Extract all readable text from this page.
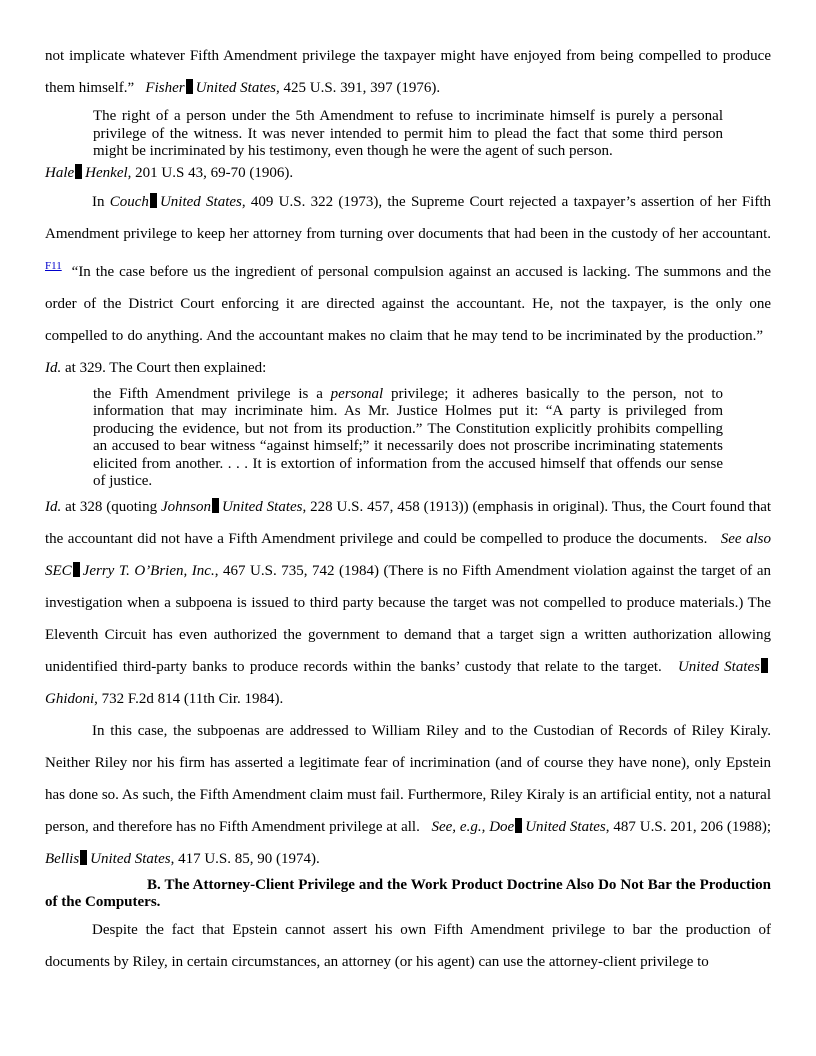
not implicate whatever Fifth Amendment privilege the taxpayer might have enjoyed from being compelled to produce them himself.” Fisher United States, 425 U.S. 391, 397 (1976).

The right of a person under the 5th Amendment to refuse to incriminate himself is purely a personal privilege of the witness. It was never intended to permit him to plead the fact that some third person might be incriminated by his testimony, even though he were the agent of such person.

Hale Henkel, 201 U.S 43, 69-70 (1906).

In Couch United States, 409 U.S. 322 (1973), the Supreme Court rejected a taxpayer’s assertion of her Fifth Amendment privilege to keep her attorney from turning over documents that had been in the custody of her accountant. $^{F11}$ “In the case before us the ingredient of personal compulsion against an accused is lacking. The summons and the order of the District Court enforcing it are directed against the accountant. He, not the taxpayer, is the only one compelled to do anything. And the accountant makes no claim that he may tend to be incriminated by the production.”   Id. at 329. The Court then explained:

the Fifth Amendment privilege is a personal privilege; it adheres basically to the person, not to information that may incriminate him. As Mr. Justice Holmes put it: “A party is privileged from producing the evidence, but not from its production.” The Constitution explicitly prohibits compelling an accused to bear witness “against himself;” it necessarily does not proscribe incriminating statements elicited from another. . . . It is extortion of information from the accused himself that offends our sense of justice.

Id. at 328 (quoting Johnson United States, 228 U.S. 457, 458 (1913)) (emphasis in original). Thus, the Court found that the accountant did not have a Fifth Amendment privilege and could be compelled to produce the documents. See also SEC Jerry T. O’Brien, Inc., 467 U.S. 735, 742 (1984) (There is no Fifth Amendment violation against the target of an investigation when a subpoena is issued to third party because the target was not compelled to produce materials.) The Eleventh Circuit has even authorized the government to demand that a target sign a written authorization allowing unidentified third-party banks to produce records within the banks’ custody that relate to the target. United StatesGhidoni, 732 F.2d 814 (11th Cir. 1984).

In this case, the subpoenas are addressed to William Riley and to the Custodian of Records of Riley Kiraly. Neither Riley nor his firm has asserted a legitimate fear of incrimination (and of course they have none), only Epstein has done so. As such, the Fifth Amendment claim must fail. Furthermore, Riley Kiraly is an artificial entity, not a natural person, and therefore has no Fifth Amendment privilege at all. See, e.g., Doe United States, 487 U.S. 201, 206 (1988); Bellis United States, 417 U.S. 85, 90 (1974).

B. The Attorney-Client Privilege and the Work Product Doctrine Also Do Not Bar the Production of the Computers.

Despite the fact that Epstein cannot assert his own Fifth Amendment privilege to bar the production of documents by Riley, in certain circumstances, an attorney (or his agent) can use the attorney-client privilege to
